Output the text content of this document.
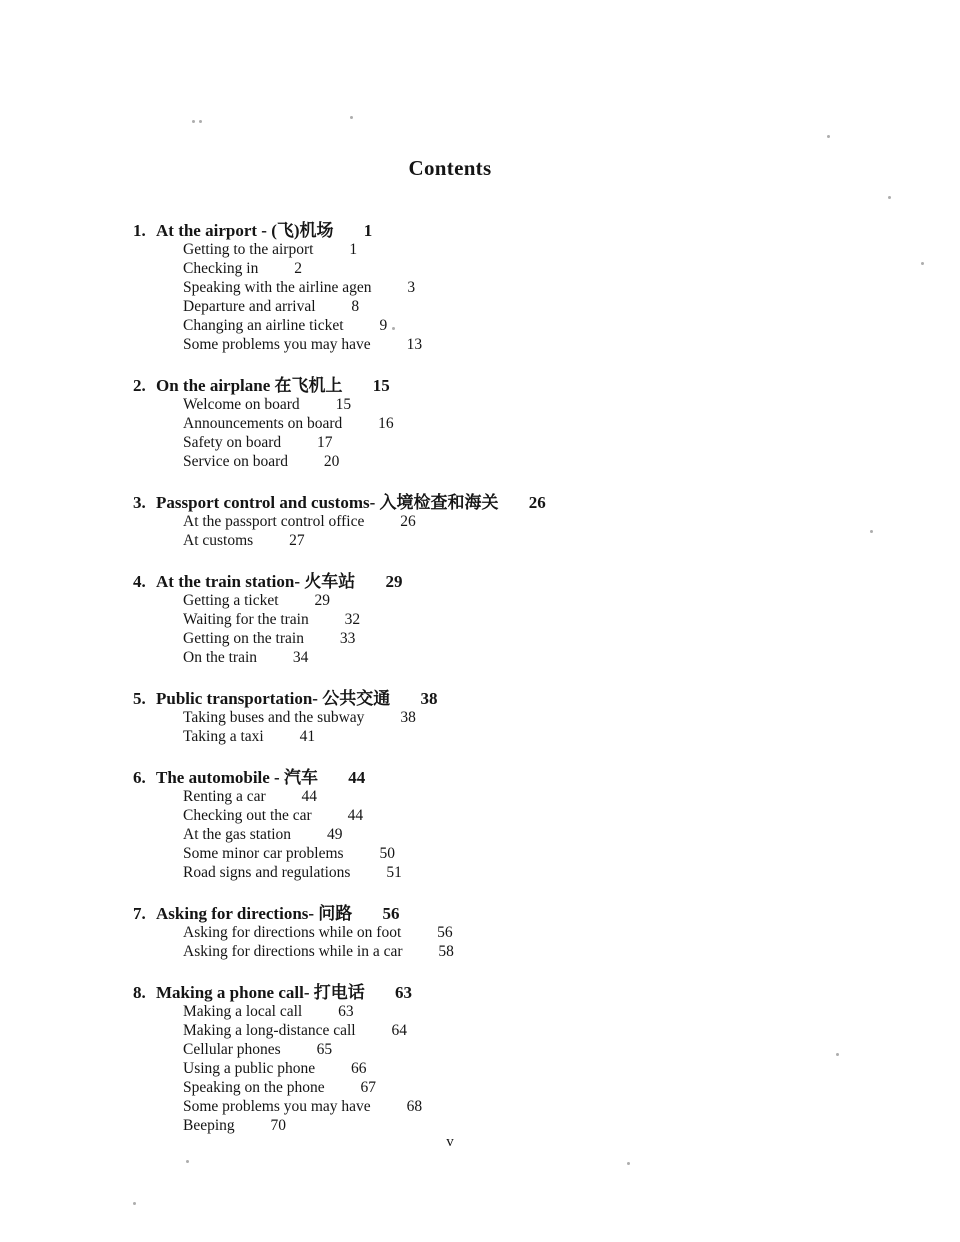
Contents
1. At the airport - (飞)机场 1
Getting to the airport 1
Checking in 2
Speaking with the airline agen 3
Departure and arrival 8
Changing an airline ticket 9
Some problems you may have 13
2. On the airplane 在飞机上 15
Welcome on board 15
Announcements on board 16
Safety on board 17
Service on board 20
3. Passport control and customs- 入境检查和海关 26
At the passport control office 26
At customs 27
4. At the train station- 火车站 29
Getting a ticket 29
Waiting for the train 32
Getting on the train 33
On the train 34
5. Public transportation- 公共交通 38
Taking buses and the subway 38
Taking a taxi 41
6. The automobile - 汽车 44
Renting a car 44
Checking out the car 44
At the gas station 49
Some minor car problems 50
Road signs and regulations 51
7. Asking for directions- 问路 56
Asking for directions while on foot 56
Asking for directions while in a car 58
8. Making a phone call- 打电话 63
Making a local call 63
Making a long-distance call 64
Cellular phones 65
Using a public phone 66
Speaking on the phone 67
Some problems you may have 68
Beeping 70
v
